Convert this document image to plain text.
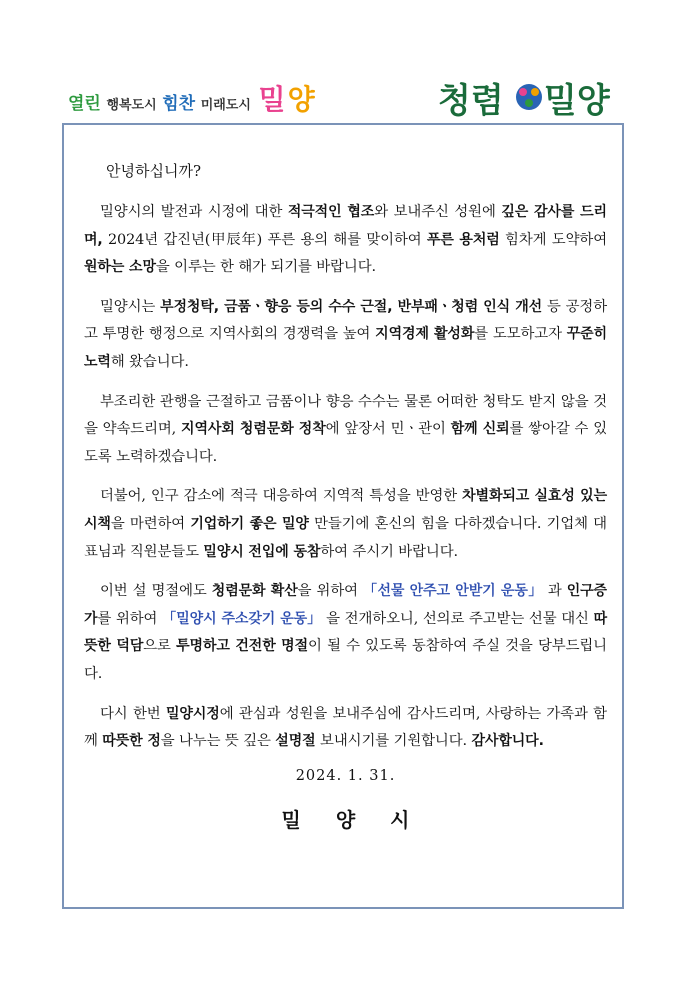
열린 행복도시 힘찬 미래도시 밀양	청렴 밀양
안녕하십니까?

밀양시의 발전과 시정에 대한 적극적인 협조와 보내주신 성원에 깊은 감사를 드리며, 2024년 갑진년(甲辰年) 푸른 용의 해를 맞이하여 푸른 용처럼 힘차게 도약하여 원하는 소망을 이루는 한 해가 되기를 바랍니다.

밀양시는 부정청탁, 금품ㆍ향응 등의 수수 근절, 반부패ㆍ청렴 인식 개선 등 공정하고 투명한 행정으로 지역사회의 경쟁력을 높여 지역경제 활성화를 도모하고자 꾸준히 노력해 왔습니다.

부조리한 관행을 근절하고 금품이나 향응 수수는 물론 어떠한 청탁도 받지 않을 것을 약속드리며, 지역사회 청렴문화 정착에 앞장서 민ㆍ관이 함께 신뢰를 쌓아갈 수 있도록 노력하겠습니다.

더불어, 인구 감소에 적극 대응하여 지역적 특성을 반영한 차별화되고 실효성 있는 시책을 마련하여 기업하기 좋은 밀양 만들기에 혼신의 힘을 다하겠습니다. 기업체 대표님과 직원분들도 밀양시 전입에 동참하여 주시기 바랍니다.

이번 설 명절에도 청렴문화 확산을 위하여 「선물 안주고 안받기 운동」 과 인구증가를 위하여 「밀양시 주소갖기 운동」 을 전개하오니, 선의로 주고받는 선물 대신 따뜻한 덕담으로 투명하고 건전한 명절이 될 수 있도록 동참하여 주실 것을 당부드립니다.

다시 한번 밀양시정에 관심과 성원을 보내주심에 감사드리며, 사랑하는 가족과 함께 따뜻한 정을 나누는 뜻 깊은 설명절 보내시기를 기원합니다. 감사합니다.

2024. 1. 31.
밀 양 시
